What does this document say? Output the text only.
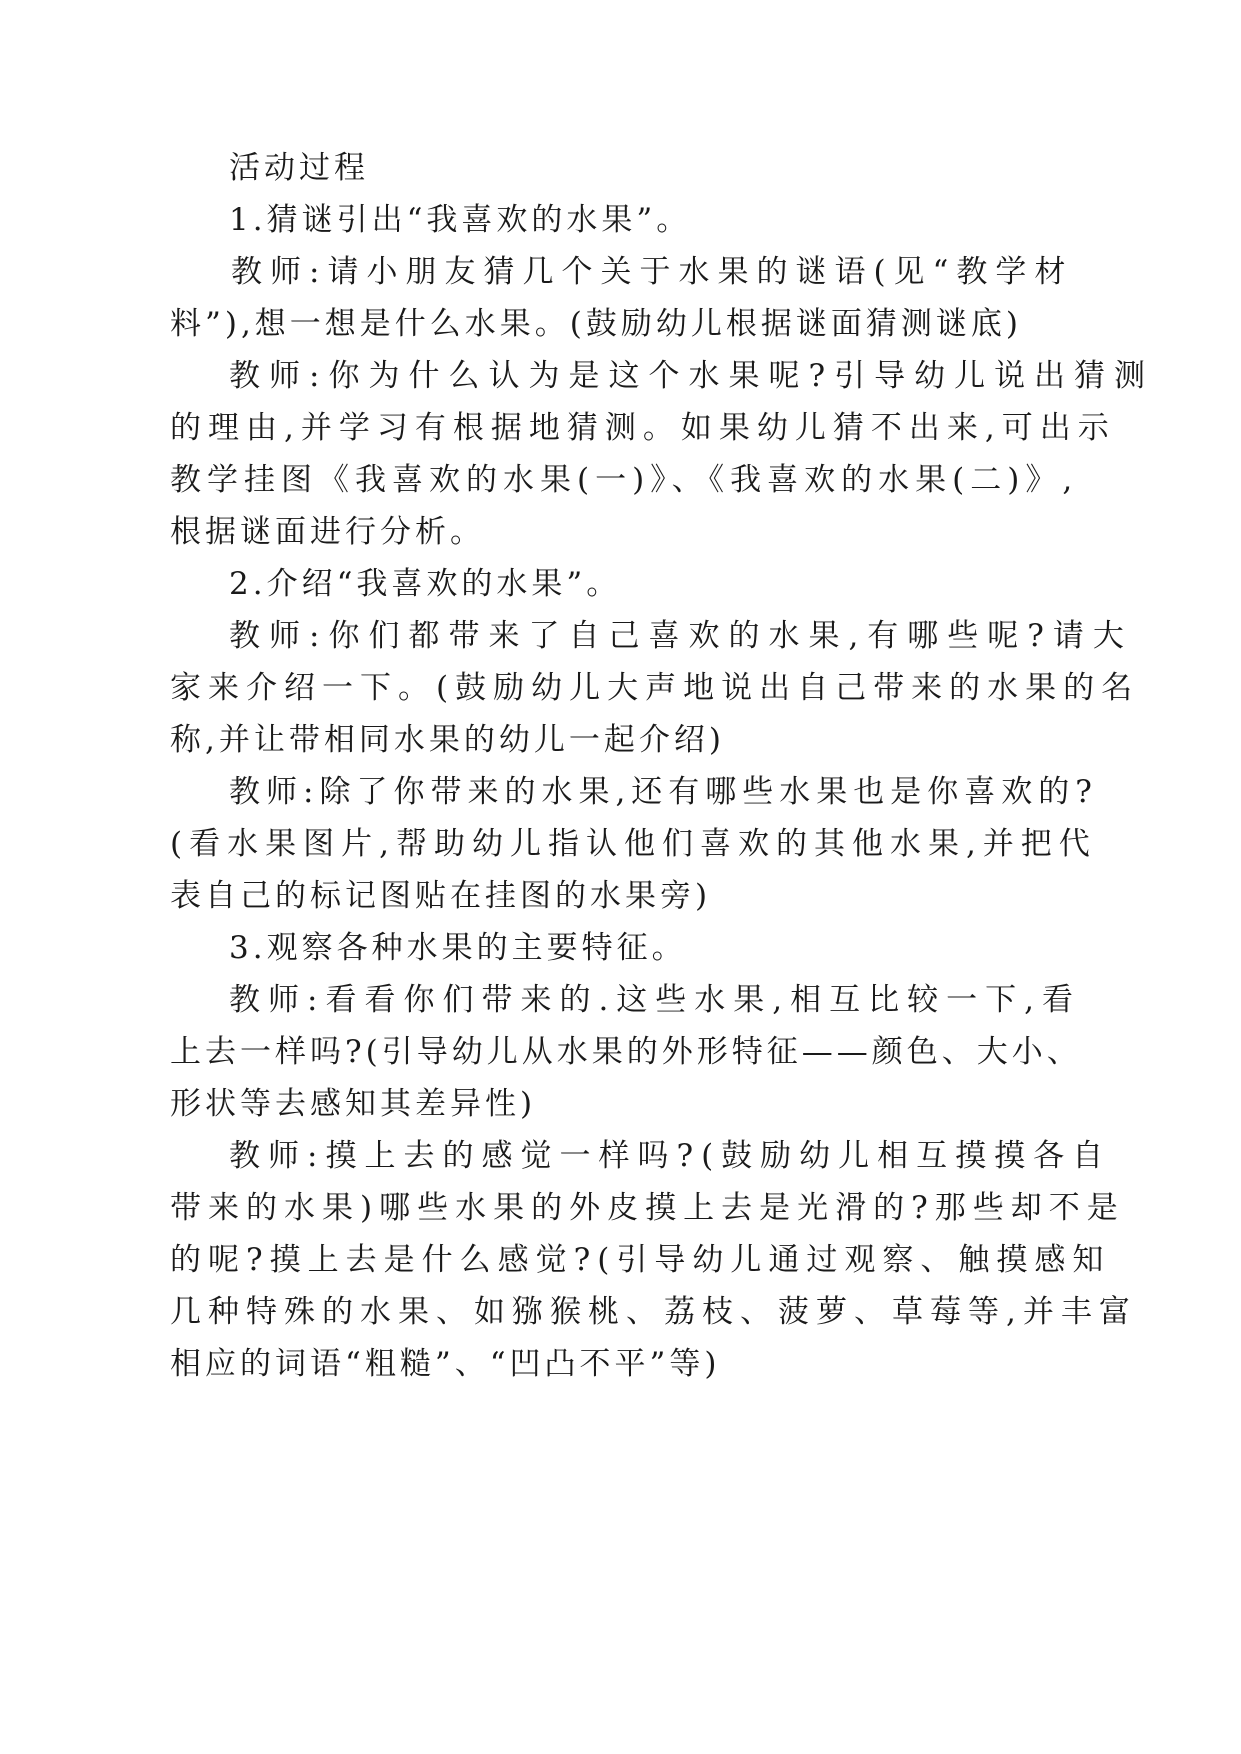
活动过程

1.猜谜引出“我喜欢的水果”。

教师:请小朋友猜几个关于水果的谜语(见“教学材

料”),想一想是什么水果。(鼓励幼儿根据谜面猜测谜底)

教师:你为什么认为是这个水果呢?引导幼儿说出猜测

的理由,并学习有根据地猜测。如果幼儿猜不出来,可出示

教学挂图《我喜欢的水果(一)》、《我喜欢的水果(二)》,

根据谜面进行分析。

2.介绍“我喜欢的水果”。

教师:你们都带来了自己喜欢的水果,有哪些呢?请大

家来介绍一下。(鼓励幼儿大声地说出自己带来的水果的名

称,并让带相同水果的幼儿一起介绍)

教师:除了你带来的水果,还有哪些水果也是你喜欢的?

(看水果图片,帮助幼儿指认他们喜欢的其他水果,并把代

表自己的标记图贴在挂图的水果旁)

3.观察各种水果的主要特征。

教师:看看你们带来的.这些水果,相互比较一下,看

上去一样吗?(引导幼儿从水果的外形特征——颜色、大小、

形状等去感知其差异性)

教师:摸上去的感觉一样吗?(鼓励幼儿相互摸摸各自

带来的水果)哪些水果的外皮摸上去是光滑的?那些却不是

的呢?摸上去是什么感觉?(引导幼儿通过观察、触摸感知

几种特殊的水果、如猕猴桃、荔枝、菠萝、草莓等,并丰富

相应的词语“粗糙”、“凹凸不平”等)
